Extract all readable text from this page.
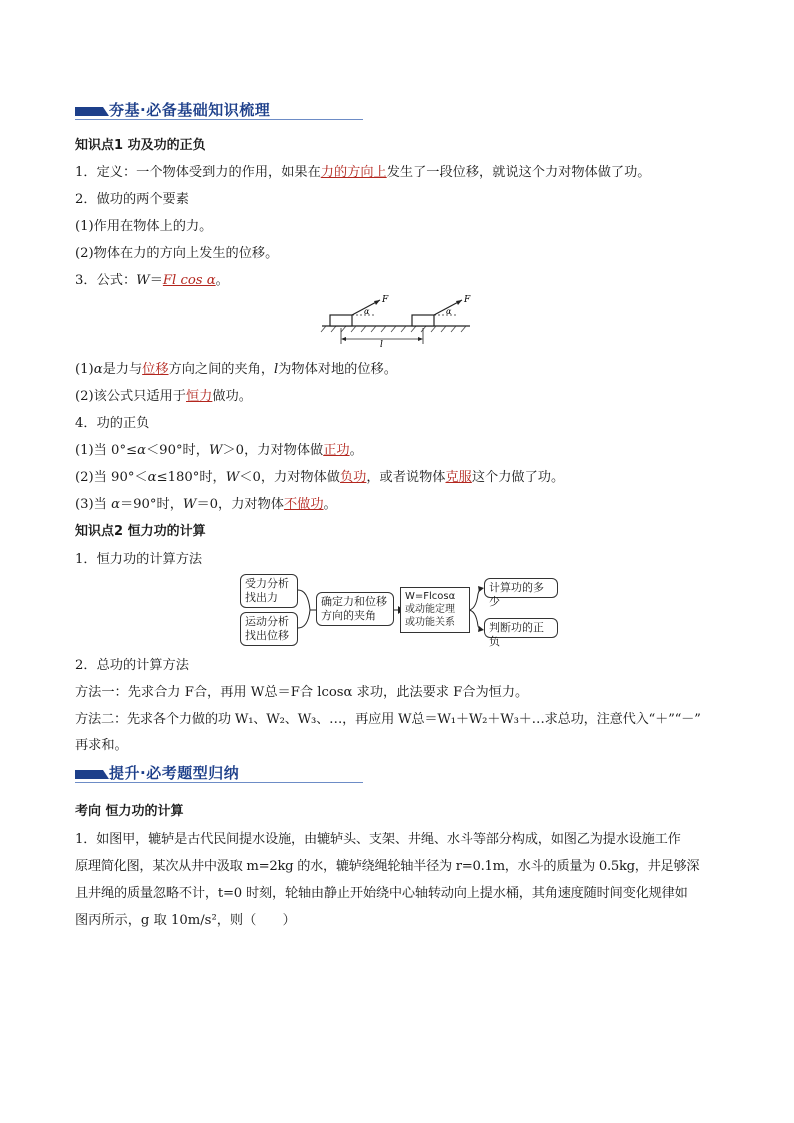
夯基·必备基础知识梳理
知识点1 功及功的正负
1．定义：一个物体受到力的作用，如果在力的方向上发生了一段位移，就说这个力对物体做了功。
2．做功的两个要素
(1)作用在物体上的力。
(2)物体在力的方向上发生的位移。
3．公式：W＝Fl cos α。
F
α
F
α
l
(1)α是力与位移方向之间的夹角，l为物体对地的位移。
(2)该公式只适用于恒力做功。
4．功的正负
(1)当 0°≤α＜90°时，W＞0，力对物体做正功。
(2)当 90°＜α≤180°时，W＜0，力对物体做负功，或者说物体克服这个力做了功。
(3)当 α＝90°时，W＝0，力对物体不做功。
知识点2 恒力功的计算
1．恒力功的计算方法
受力分析
找出力
运动分析
找出位移
确定力和位移
方向的夹角
W=Flcosα
或动能定理
或功能关系
计算功的多少
判断功的正负
2．总功的计算方法
方法一：先求合力 F合，再用 W总＝F合 lcosα 求功，此法要求 F合为恒力。
方法二：先求各个力做的功 W₁、W₂、W₃、…，再应用 W总＝W₁＋W₂＋W₃＋…求总功，注意代入“＋”“－”
再求和。
提升·必考题型归纳
考向 恒力功的计算
1．如图甲，辘轳是古代民间提水设施，由辘轳头、支架、井绳、水斗等部分构成，如图乙为提水设施工作
原理简化图，某次从井中汲取 m=2kg 的水，辘轳绕绳轮轴半径为 r=0.1m，水斗的质量为 0.5kg，井足够深
且井绳的质量忽略不计，t=0 时刻，轮轴由静止开始绕中心轴转动向上提水桶，其角速度随时间变化规律如
图丙所示，g 取 10m/s²，则（　　）
